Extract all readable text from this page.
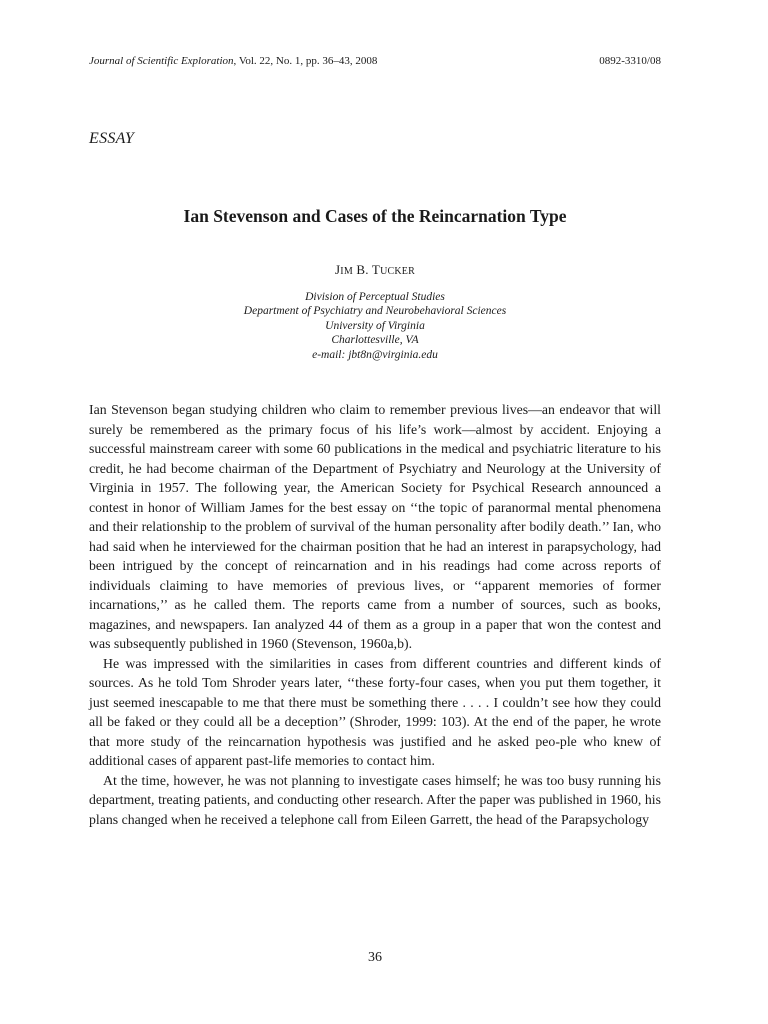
Journal of Scientific Exploration, Vol. 22, No. 1, pp. 36–43, 2008	0892-3310/08
ESSAY
Ian Stevenson and Cases of the Reincarnation Type
JIM B. TUCKER
Division of Perceptual Studies
Department of Psychiatry and Neurobehavioral Sciences
University of Virginia
Charlottesville, VA
e-mail: jbt8n@virginia.edu

Ian Stevenson began studying children who claim to remember previous lives—an endeavor that will surely be remembered as the primary focus of his life’s work—almost by accident. Enjoying a successful mainstream career with some 60 publications in the medical and psychiatric literature to his credit, he had become chairman of the Department of Psychiatry and Neurology at the University of Virginia in 1957. The following year, the American Society for Psychical Research announced a contest in honor of William James for the best essay on ‘‘the topic of paranormal mental phenomena and their relationship to the problem of survival of the human personality after bodily death.’’ Ian, who had said when he interviewed for the chairman position that he had an interest in parapsychology, had been intrigued by the concept of reincarnation and in his readings had come across reports of individuals claiming to have memories of previous lives, or ‘‘apparent memories of former incarnations,’’ as he called them. The reports came from a number of sources, such as books, magazines, and newspapers. Ian analyzed 44 of them as a group in a paper that won the contest and was subsequently published in 1960 (Stevenson, 1960a,b).

He was impressed with the similarities in cases from different countries and different kinds of sources. As he told Tom Shroder years later, ‘‘these forty-four cases, when you put them together, it just seemed inescapable to me that there must be something there . . . . I couldn’t see how they could all be faked or they could all be a deception’’ (Shroder, 1999: 103). At the end of the paper, he wrote that more study of the reincarnation hypothesis was justified and he asked peo-ple who knew of additional cases of apparent past-life memories to contact him.

At the time, however, he was not planning to investigate cases himself; he was too busy running his department, treating patients, and conducting other research. After the paper was published in 1960, his plans changed when he received a telephone call from Eileen Garrett, the head of the Parapsychology

36
